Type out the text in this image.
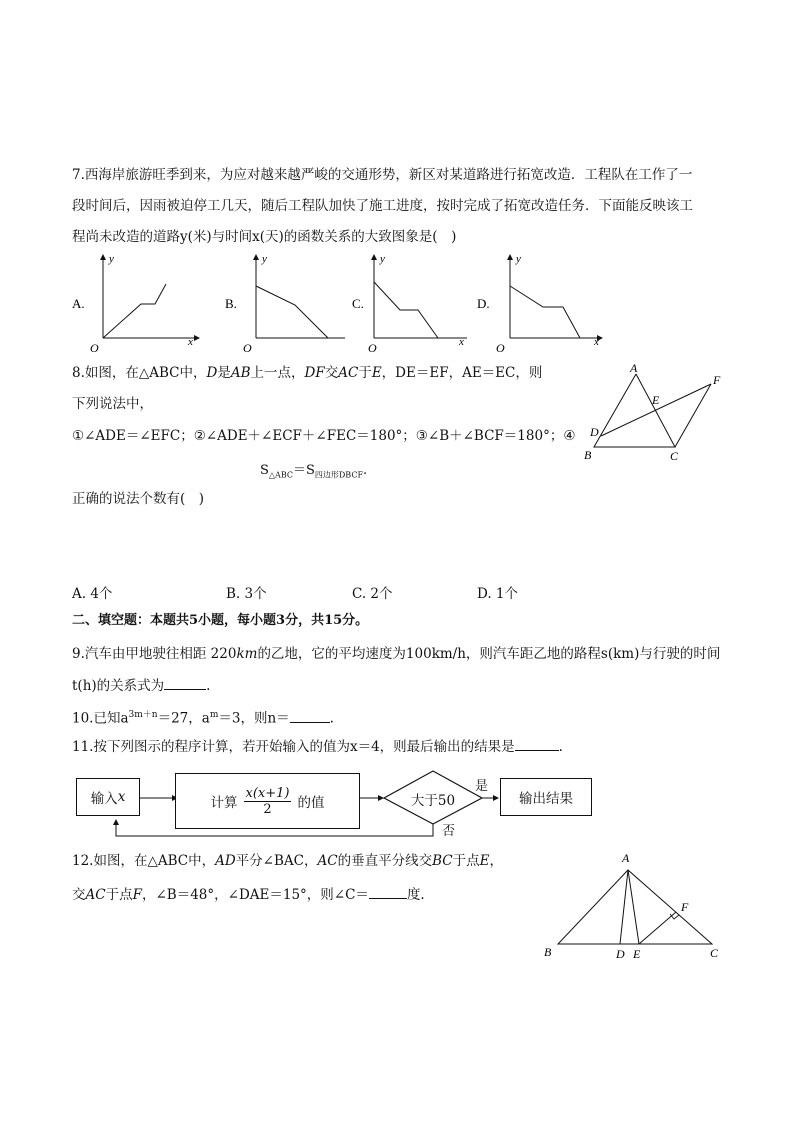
7.西海岸旅游旺季到来，为应对越来越严峻的交通形势，新区对某道路进行拓宽改造．工程队在工作了一
段时间后，因雨被迫停工几天，随后工程队加快了施工进度，按时完成了拓宽改造任务．下面能反映该工
程尚未改造的道路y(米)与时间x(天)的函数关系的大致图象是(　)
A.
y
x
O
B.
y
O
C.
y
x
O
D.
y
x
O
8.如图，在△ABC中，D是AB上一点，DF交AC于E，DE＝EF，AE＝EC，则
下列说法中，
①∠ADE＝∠EFC；②∠ADE＋∠ECF＋∠FEC＝180°；③∠B＋∠BCF＝180°；④
$S_{\triangle ABC}=S_{四边形DBCF}$.
正确的说法个数有(　)
A
B	C
D
E
F
A. 4个	B. 3个	C. 2个	D. 1个
二、填空题：本题共5小题，每小题3分，共15分。
9.汽车由甲地驶往相距 220km的乙地，它的平均速度为100km/h，则汽车距乙地的路程s(km)与行驶的时间
t(h)的关系式为	.
10.已知$a^{3m+n}=27$，$a^m=3$，则n＝	.
11.按下列图示的程序计算，若开始输入的值为x＝4，则最后输出的结果是	.
输入 x	计算 $\frac{x(x+1)}{2}$ 的值	大于50
是
否
输出结果
12.如图，在△ABC中，AD平分∠BAC，AC的垂直平分线交BC于点E，
交AC于点F，∠B＝48°，∠DAE＝15°，则∠C＝	度.
A
B	C
D E
F
